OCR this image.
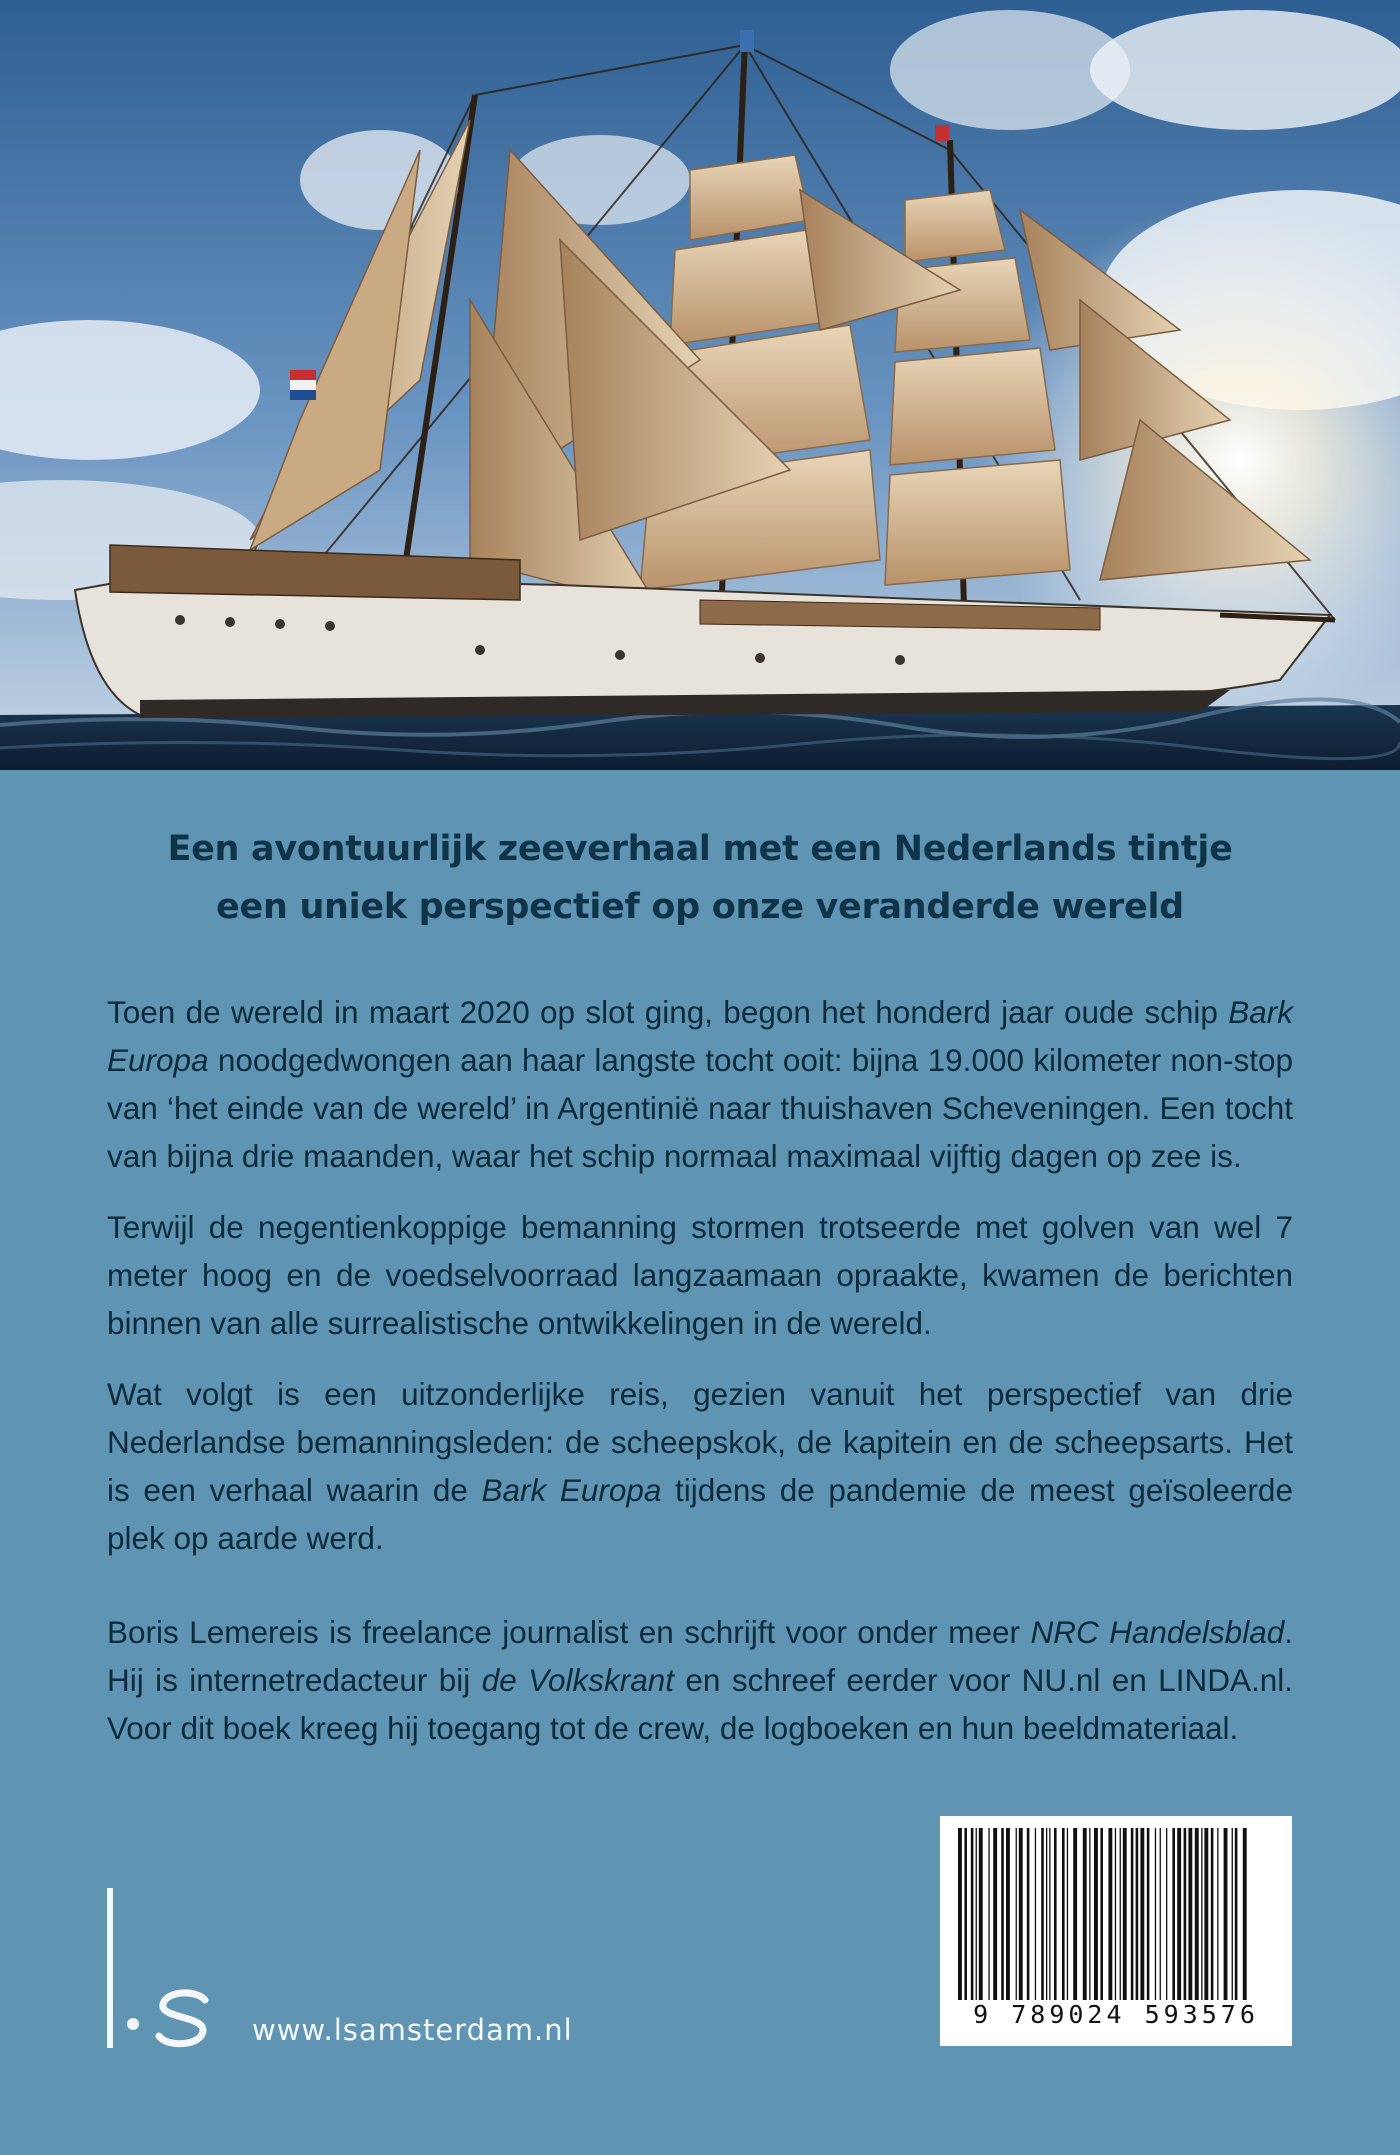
Een avontuurlijk zeeverhaal met een Nederlands tintje
een uniek perspectief op onze veranderde wereld

Toen de wereld in maart 2020 op slot ging, begon het honderd jaar oude schip Bark Europa noodgedwongen aan haar langste tocht ooit: bijna 19.000 kilometer non-stop van ‘het einde van de wereld’ in Argentinië naar thuishaven Scheveningen. Een tocht van bijna drie maanden, waar het schip normaal maximaal vijftig dagen op zee is.

Terwijl de negentienkoppige bemanning stormen trotseerde met golven van wel 7 meter hoog en de voedselvoorraad langzaamaan opraakte, kwamen de berichten binnen van alle surrealistische ontwikkelingen in de wereld.

Wat volgt is een uitzonderlijke reis, gezien vanuit het perspectief van drie Nederlandse bemanningsleden: de scheepskok, de kapitein en de scheepsarts. Het is een verhaal waarin de Bark Europa tijdens de pandemie de meest geïsoleerde plek op aarde werd.

Boris Lemereis is freelance journalist en schrijft voor onder meer NRC Handelsblad. Hij is internetredacteur bij de Volkskrant en schreef eerder voor NU.nl en LINDA.nl. Voor dit boek kreeg hij toegang tot de crew, de logboeken en hun beeldmateriaal.

www.lsamsterdam.nl	9 789024 593576
